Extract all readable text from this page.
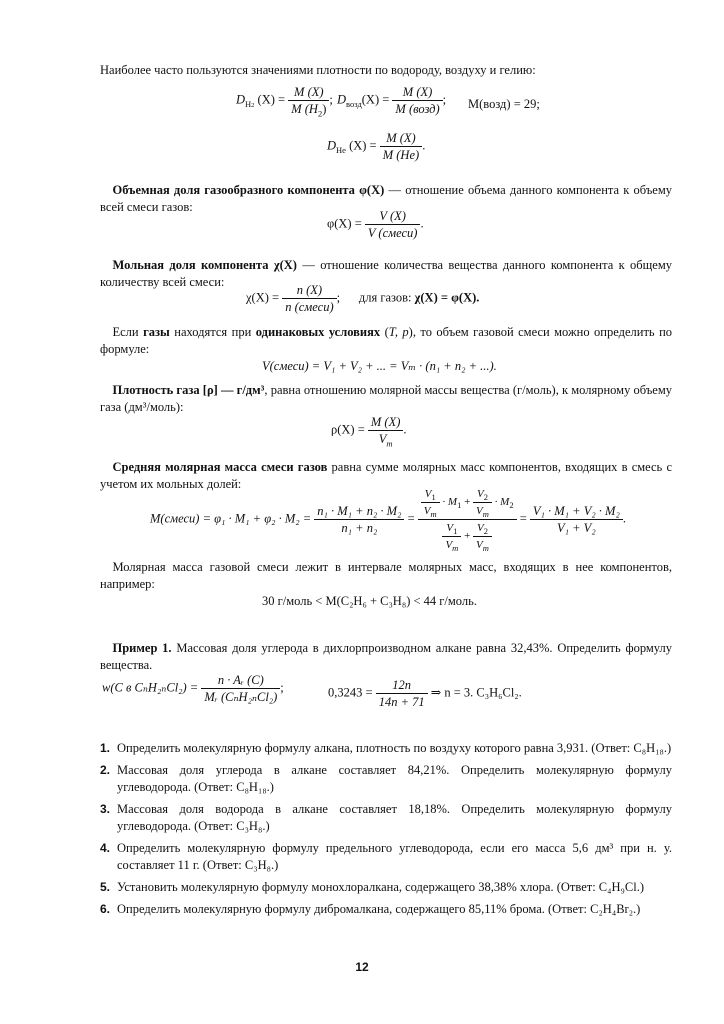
Наиболее часто пользуются значениями плотности по водороду, воздуху и гелию:

$D_{H2}$ $(X) = \frac{M (X)}{M (H_2)}$ ; $D_{возд}(X) = \frac{M (X)}{\text{M (возд)}}$ ; M(возд) = 29;
$D_{He}$ $(X) = \frac{M (X)}{M (He)}$ .

 Объемная доля газообразного компонента φ(X) — отношение объема данного компонента к объему всей смеси газов:

$\varphi(X) = \frac{V (X)}{\text{V (смеси)}}$ .

 Мольная доля компонента χ(X) — отношение количества вещества данного компонента к общему количеству всей смеси:

$\chi(X) = \frac{n (X)}{\text{n (смеси)}}$ ;   для газов: χ(X) = φ(X).

 Если газы находятся при одинаковых условиях (T, p), то объем газовой смеси можно определить по формуле:

V(смеси) = V₁ + V₂ + ... = Vₘ · (n₁ + n₂ + ...).

 Плотность газа [ρ] — г/дм³, равна отношению молярной массы вещества (г/моль), к молярному объему газа (дм³/моль):

$\rho(X) = \frac{M (X)}{V_m}$ .

 Средняя молярная масса смеси газов равна сумме молярных масс компонентов, входящих в смесь с учетом их мольных долей:

M(смеси) = $\varphi_1 \cdot M_1 + \varphi_2 \cdot M_2 = \frac{\text{n₁ · M₁ + n₂ · M₂}}{\text{n₁ + n₂}} = \frac{\frac{V_1}{V_m} \cdot M_1 + \frac{V_2}{V_m} \cdot M_2}{\frac{V_1}{V_m} + \frac{V_2}{V_m}} = \frac{\text{V₁ · M₁ + V₂ · M₂}}{\text{V₁ + V₂}}$ .

 Молярная масса газовой смеси лежит в интервале молярных масс, входящих в нее компонентов, например:

30 г/моль < M(C₂H₆ + C₃H₈) < 44 г/моль.

 Пример 1. Массовая доля углерода в дихлорпроизводном алкане равна 32,43%. Определить формулу вещества.

w(C в $C_nH_{2n}Cl_2) = \frac{\text{n · Aᵣ (C)}}{\text{Mᵣ (CₙH₂ₙCl₂)}}$ ;	$0,3243 = \frac{12n}{14n + 71}$ ⇒ n = 3. C₃H₆Cl₂.
1. Определить молекулярную формулу алкана, плотность по воздуху которого равна 3,931. (Ответ: C₈H₁₈.)
2. Массовая доля углерода в алкане составляет 84,21%. Определить молекулярную формулу углеводорода. (Ответ: C₈H₁₈.)
3. Массовая доля водорода в алкане составляет 18,18%. Определить молекулярную формулу углеводорода. (Ответ: C₃H₈.)
4. Определить молекулярную формулу предельного углеводорода, если его масса 5,6 дм³ при н. у. составляет 11 г. (Ответ: C₃H₈.)
5. Установить молекулярную формулу монохлоралкана, содержащего 38,38% хлора. (Ответ: C₄H₉Cl.)
6. Определить молекулярную формулу дибромалкана, содержащего 85,11% брома. (Ответ: C₂H₄Br₂.)
12
